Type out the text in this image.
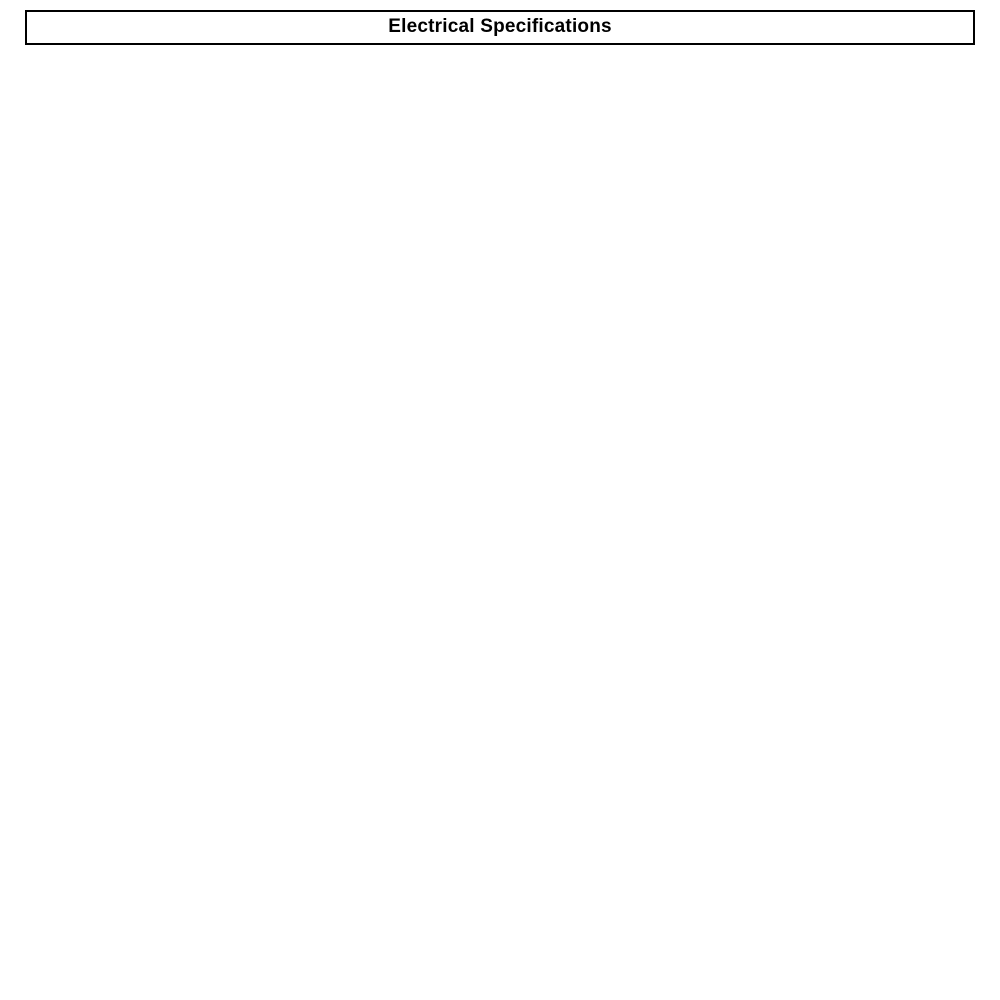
Electrical Specifications
